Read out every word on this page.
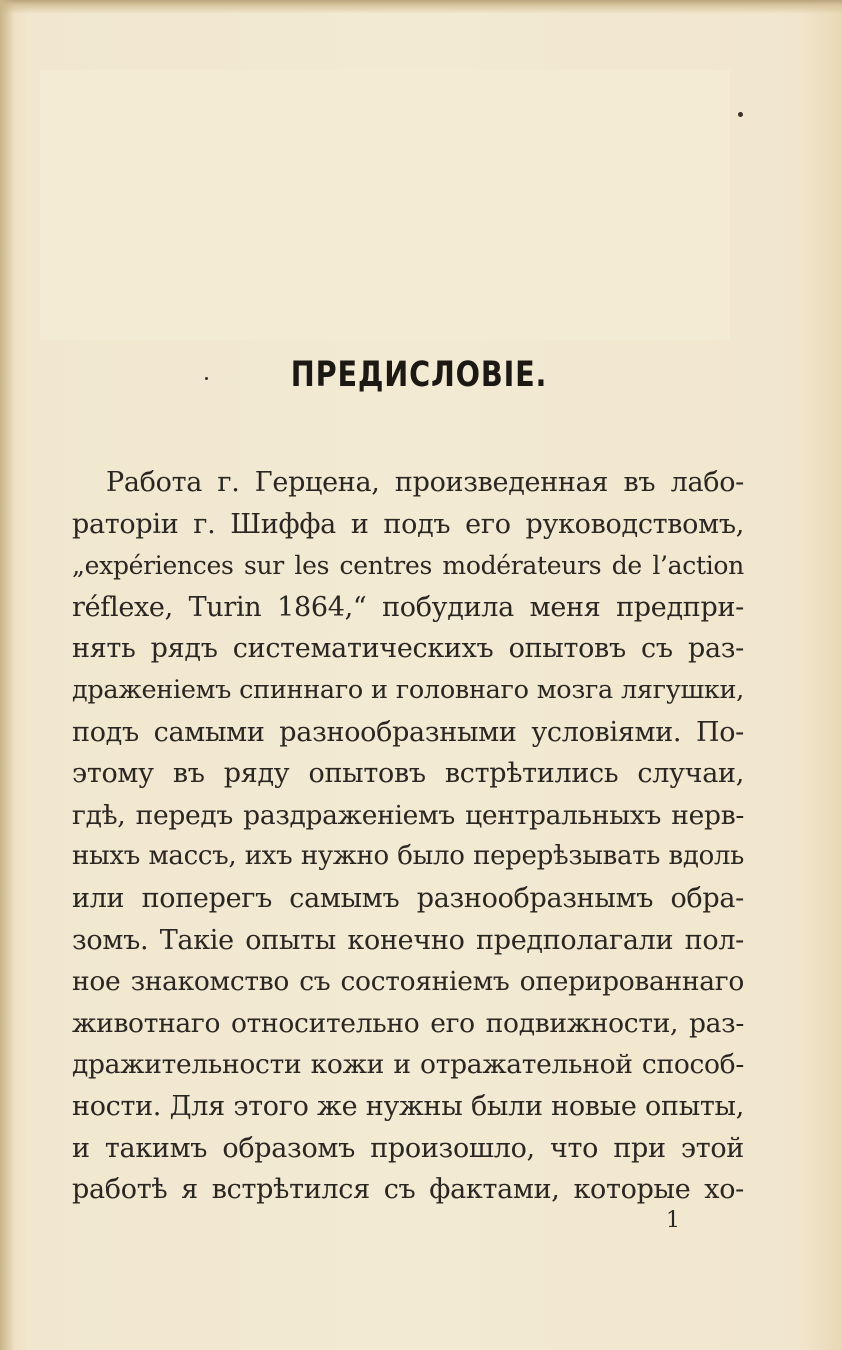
ПРЕДИСЛОВІЕ.
Работа г. Герцена, произведенная въ лабо-
раторіи г. Шиффа и подъ его руководствомъ,
„expériences sur les centres modérateurs de l’action
réflexe, Turin 1864,“ побудила меня предпри-
нять рядъ систематическихъ опытовъ съ раз-
драженіемъ спиннаго и головнаго мозга лягушки,
подъ самыми разнообразными условіями. По-
этому въ ряду опытовъ встрѣтились случаи,
гдѣ, передъ раздраженіемъ центральныхъ нерв-
ныхъ массъ, ихъ нужно было перерѣзывать вдоль
или поперегъ самымъ разнообразнымъ обра-
зомъ. Такіе опыты конечно предполагали пол-
ное знакомство съ состояніемъ оперированнаго
животнаго относительно его подвижности, раз-
дражительности кожи и отражательной способ-
ности. Для этого же нужны были новые опыты,
и такимъ образомъ произошло, что при этой
работѣ я встрѣтился съ фактами, которые хо-
1
